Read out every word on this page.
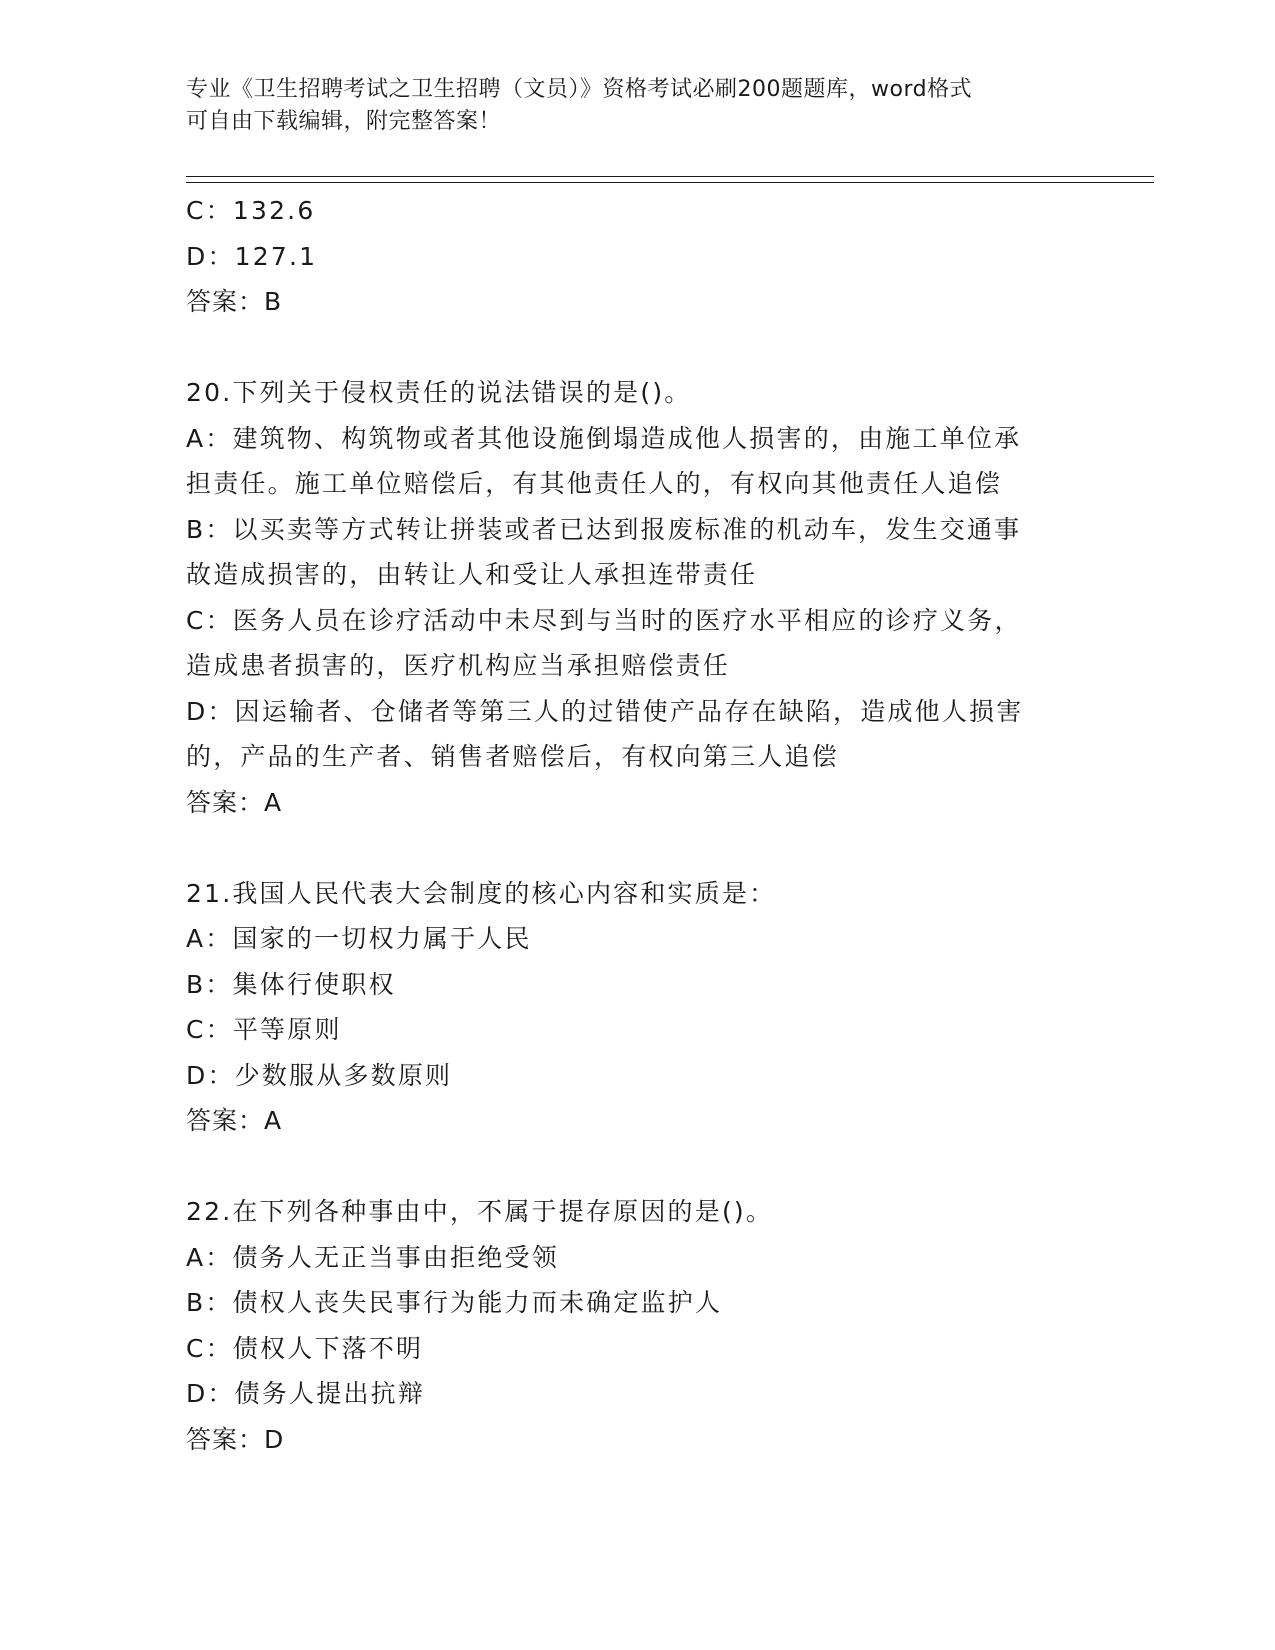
专业《卫生招聘考试之卫生招聘（文员）》资格考试必刷200题题库，word格式
可自由下载编辑，附完整答案！
C：132.6
D：127.1
答案：B
20.下列关于侵权责任的说法错误的是()。
A：建筑物、构筑物或者其他设施倒塌造成他人损害的，由施工单位承
担责任。施工单位赔偿后，有其他责任人的，有权向其他责任人追偿
B：以买卖等方式转让拼装或者已达到报废标准的机动车，发生交通事
故造成损害的，由转让人和受让人承担连带责任
C：医务人员在诊疗活动中未尽到与当时的医疗水平相应的诊疗义务，
造成患者损害的，医疗机构应当承担赔偿责任
D：因运输者、仓储者等第三人的过错使产品存在缺陷，造成他人损害
的，产品的生产者、销售者赔偿后，有权向第三人追偿
答案：A
21.我国人民代表大会制度的核心内容和实质是：
A：国家的一切权力属于人民
B：集体行使职权
C：平等原则
D：少数服从多数原则
答案：A
22.在下列各种事由中，不属于提存原因的是()。
A：债务人无正当事由拒绝受领
B：债权人丧失民事行为能力而未确定监护人
C：债权人下落不明
D：债务人提出抗辩
答案：D
